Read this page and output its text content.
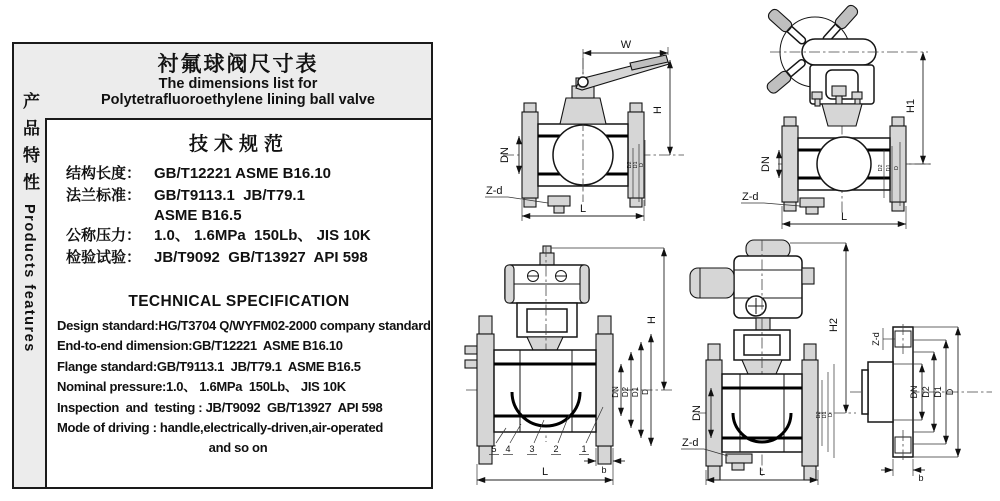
产品特性Products features
衬氟球阀尺寸表
The dimensions list for
Polytetrafluoroethylene lining ball valve
技术规范
结构长度： GB/T12221 ASME B16.10
法兰标准： GB/T9113.1  JB/T79.1
ASME B16.5
公称压力： 1.0、 1.6MPa  150Lb、 JIS 10K
检验试验： JB/T9092  GB/T13927  API 598
TECHNICAL SPECIFICATION
Design standard:HG/T3704 Q/WYFM02-2000 company standard
End-to-end dimension:GB/T12221  ASME B16.10
Flange standard:GB/T9113.1  JB/T79.1  ASME B16.5
Nominal pressure:1.0、 1.6MPa  150Lb、 JIS 10K
Inspection  and  testing : JB/T9092  GB/T13927  API 598
Mode of driving : handle,electrically-driven,air-operated
and so on
W
H
D2 D1 D
DN
Z-d
L
H1
D2 D1 D
DN
Z-d
L
H
DN D2 D1 D
b
L
5 4 3 2	1
H2
D2 D1 D
DN
Z-d
L
Z-d
DN D2 D1 D
b
